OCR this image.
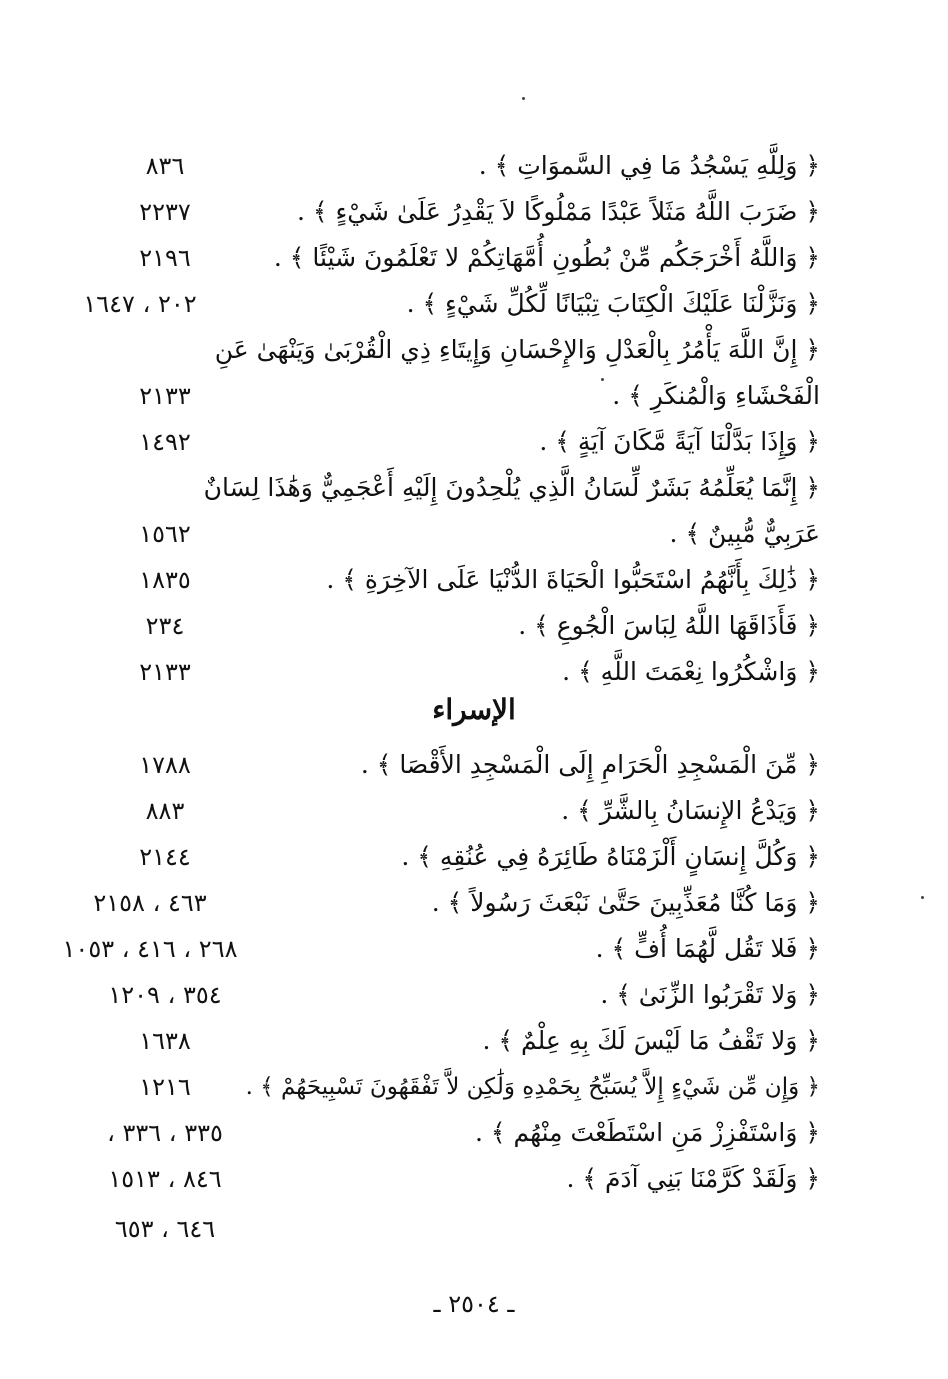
﴿ وَلِلَّهِ يَسْجُدُ مَا فِي السَّموَاتِ ﴾ .
٨٣٦
﴿ ضَرَبَ اللَّهُ مَثَلاً عَبْدًا مَمْلُوكًا لاَ يَقْدِرُ عَلَىٰ شَيْءٍ ﴾ .
٢٢٣٧
﴿ وَاللَّهُ أَخْرَجَكُم مِّنْ بُطُونِ أُمَّهَاتِكُمْ لا تَعْلَمُونَ شَيْئًا ﴾ .
٢١٩٦
﴿ وَنَزَّلْنَا عَلَيْكَ الْكِتَابَ تِبْيَانًا لِّكُلِّ شَيْءٍ ﴾ .
٢٠٢ ، ١٦٤٧
﴿ إِنَّ اللَّهَ يَأْمُرُ بِالْعَدْلِ وَالإِحْسَانِ وَإِيتَاءِ ذِي الْقُرْبَىٰ وَيَنْهَىٰ عَنِ
الْفَحْشَاءِ وَالْمُنكَرِ ﴾ .
٢١٣٣
﴿ وَإِذَا بَدَّلْنَا آيَةً مَّكَانَ آيَةٍ ﴾ .
١٤٩٢
﴿ إِنَّمَا يُعَلِّمُهُ بَشَرٌ لِّسَانُ الَّذِي يُلْحِدُونَ إِلَيْهِ أَعْجَمِيٌّ وَهَٰذَا لِسَانٌ
عَرَبِيٌّ مُّبِينٌ ﴾ .
١٥٦٢
﴿ ذَٰلِكَ بِأَنَّهُمُ اسْتَحَبُّوا الْحَيَاةَ الدُّنْيَا عَلَى الآخِرَةِ ﴾ .
١٨٣٥
﴿ فَأَذَاقَهَا اللَّهُ لِبَاسَ الْجُوعِ ﴾ .
٢٣٤
﴿ وَاشْكُرُوا نِعْمَتَ اللَّهِ ﴾ .
٢١٣٣
الإسراء
﴿ مِّنَ الْمَسْجِدِ الْحَرَامِ إِلَى الْمَسْجِدِ الأَقْصَا ﴾ .
١٧٨٨
﴿ وَيَدْعُ الإِنسَانُ بِالشَّرِّ ﴾ .
٨٨٣
﴿ وَكُلَّ إِنسَانٍ أَلْزَمْنَاهُ طَائِرَهُ فِي عُنُقِهِ ﴾ .
٢١٤٤
﴿ وَمَا كُنَّا مُعَذِّبِينَ حَتَّىٰ نَبْعَثَ رَسُولاً ﴾ .
٤٦٣ ، ٢١٥٨
﴿ فَلا تَقُل لَّهُمَا أُفٍّ ﴾ .
٢٦٨ ، ٤١٦ ، ١٠٥٣
﴿ وَلا تَقْرَبُوا الزِّنَىٰ ﴾ .
٣٥٤ ، ١٢٠٩
﴿ وَلا تَقْفُ مَا لَيْسَ لَكَ بِهِ عِلْمٌ ﴾ .
١٦٣٨
﴿ وَإِن مِّن شَيْءٍ إِلاَّ يُسَبِّحُ بِحَمْدِهِ وَلَٰكِن لاَّ تَفْقَهُونَ تَسْبِيحَهُمْ ﴾ .
١٢١٦
﴿ وَاسْتَفْزِزْ مَنِ اسْتَطَعْتَ مِنْهُم ﴾ .
٣٣٥ ، ٣٣٦ ،
﴿ وَلَقَدْ كَرَّمْنَا بَنِي آدَمَ ﴾ .
٨٤٦ ، ١٥١٣
٦٤٦ ، ٦٥٣
ـ ٢٥٠٤ ـ
